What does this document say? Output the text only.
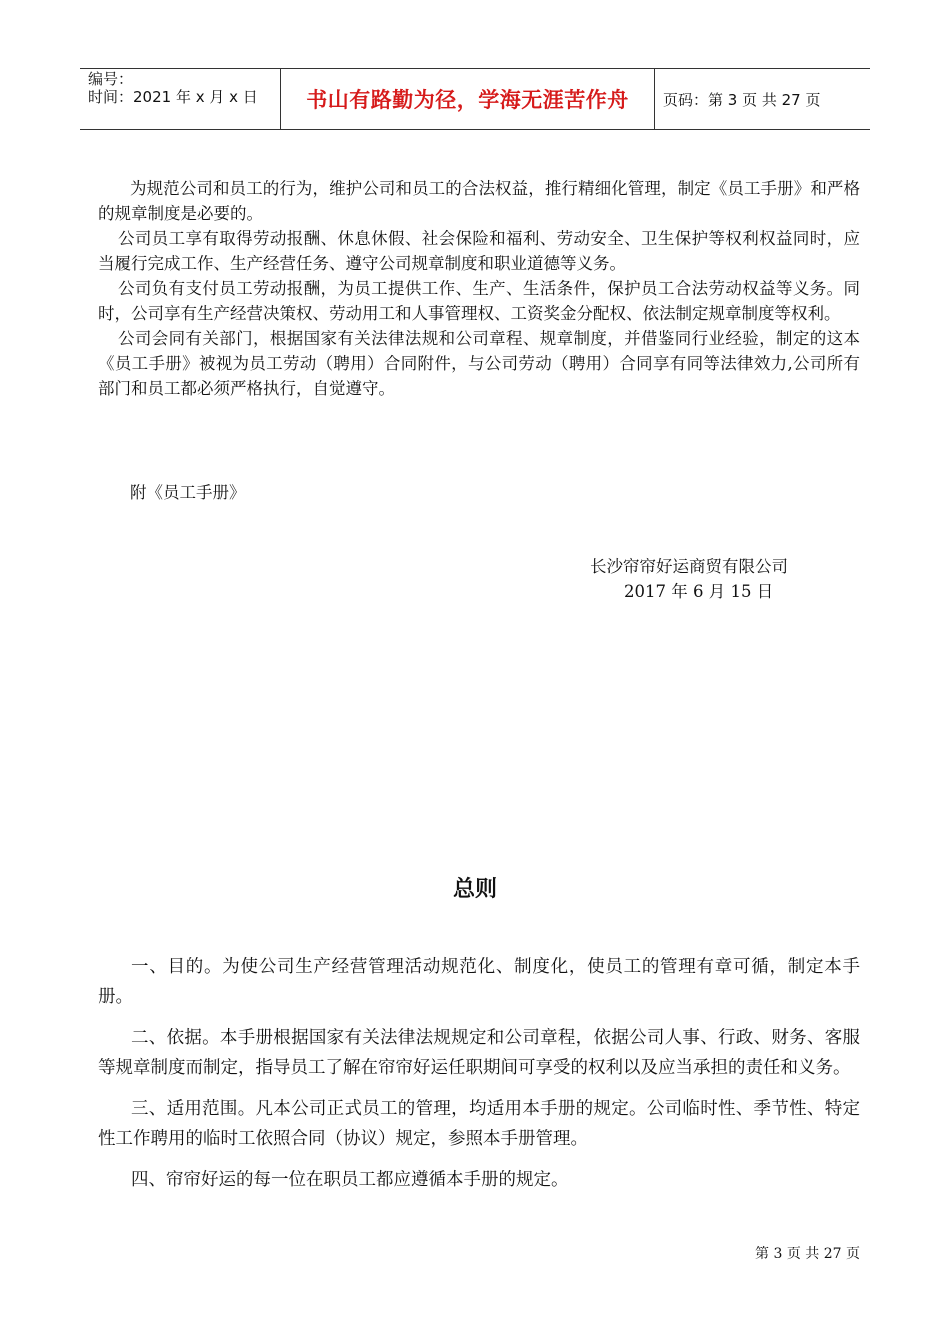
编号：
时间：2021 年 x 月 x 日	书山有路勤为径，学海无涯苦作舟	页码：第 3 页 共 27 页

为规范公司和员工的行为，维护公司和员工的合法权益，推行精细化管理，制定《员工手册》和严格的规章制度是必要的。

公司员工享有取得劳动报酬、休息休假、社会保险和福利、劳动安全、卫生保护等权利权益同时，应当履行完成工作、生产经营任务、遵守公司规章制度和职业道德等义务。

公司负有支付员工劳动报酬，为员工提供工作、生产、生活条件，保护员工合法劳动权益等义务。同时，公司享有生产经营决策权、劳动用工和人事管理权、工资奖金分配权、依法制定规章制度等权利。

公司会同有关部门，根据国家有关法律法规和公司章程、规章制度，并借鉴同行业经验，制定的这本《员工手册》被视为员工劳动（聘用）合同附件，与公司劳动（聘用）合同享有同等法律效力,公司所有部门和员工都必须严格执行，自觉遵守。

附《员工手册》
长沙帘帘好运商贸有限公司
2017 年 6 月 15 日
总则

一、目的。为使公司生产经营管理活动规范化、制度化，使员工的管理有章可循，制定本手册。

二、依据。本手册根据国家有关法律法规规定和公司章程，依据公司人事、行政、财务、客服等规章制度而制定，指导员工了解在帘帘好运任职期间可享受的权利以及应当承担的责任和义务。

三、适用范围。凡本公司正式员工的管理，均适用本手册的规定。公司临时性、季节性、特定性工作聘用的临时工依照合同（协议）规定，参照本手册管理。

四、帘帘好运的每一位在职员工都应遵循本手册的规定。

第 3 页 共 27 页
